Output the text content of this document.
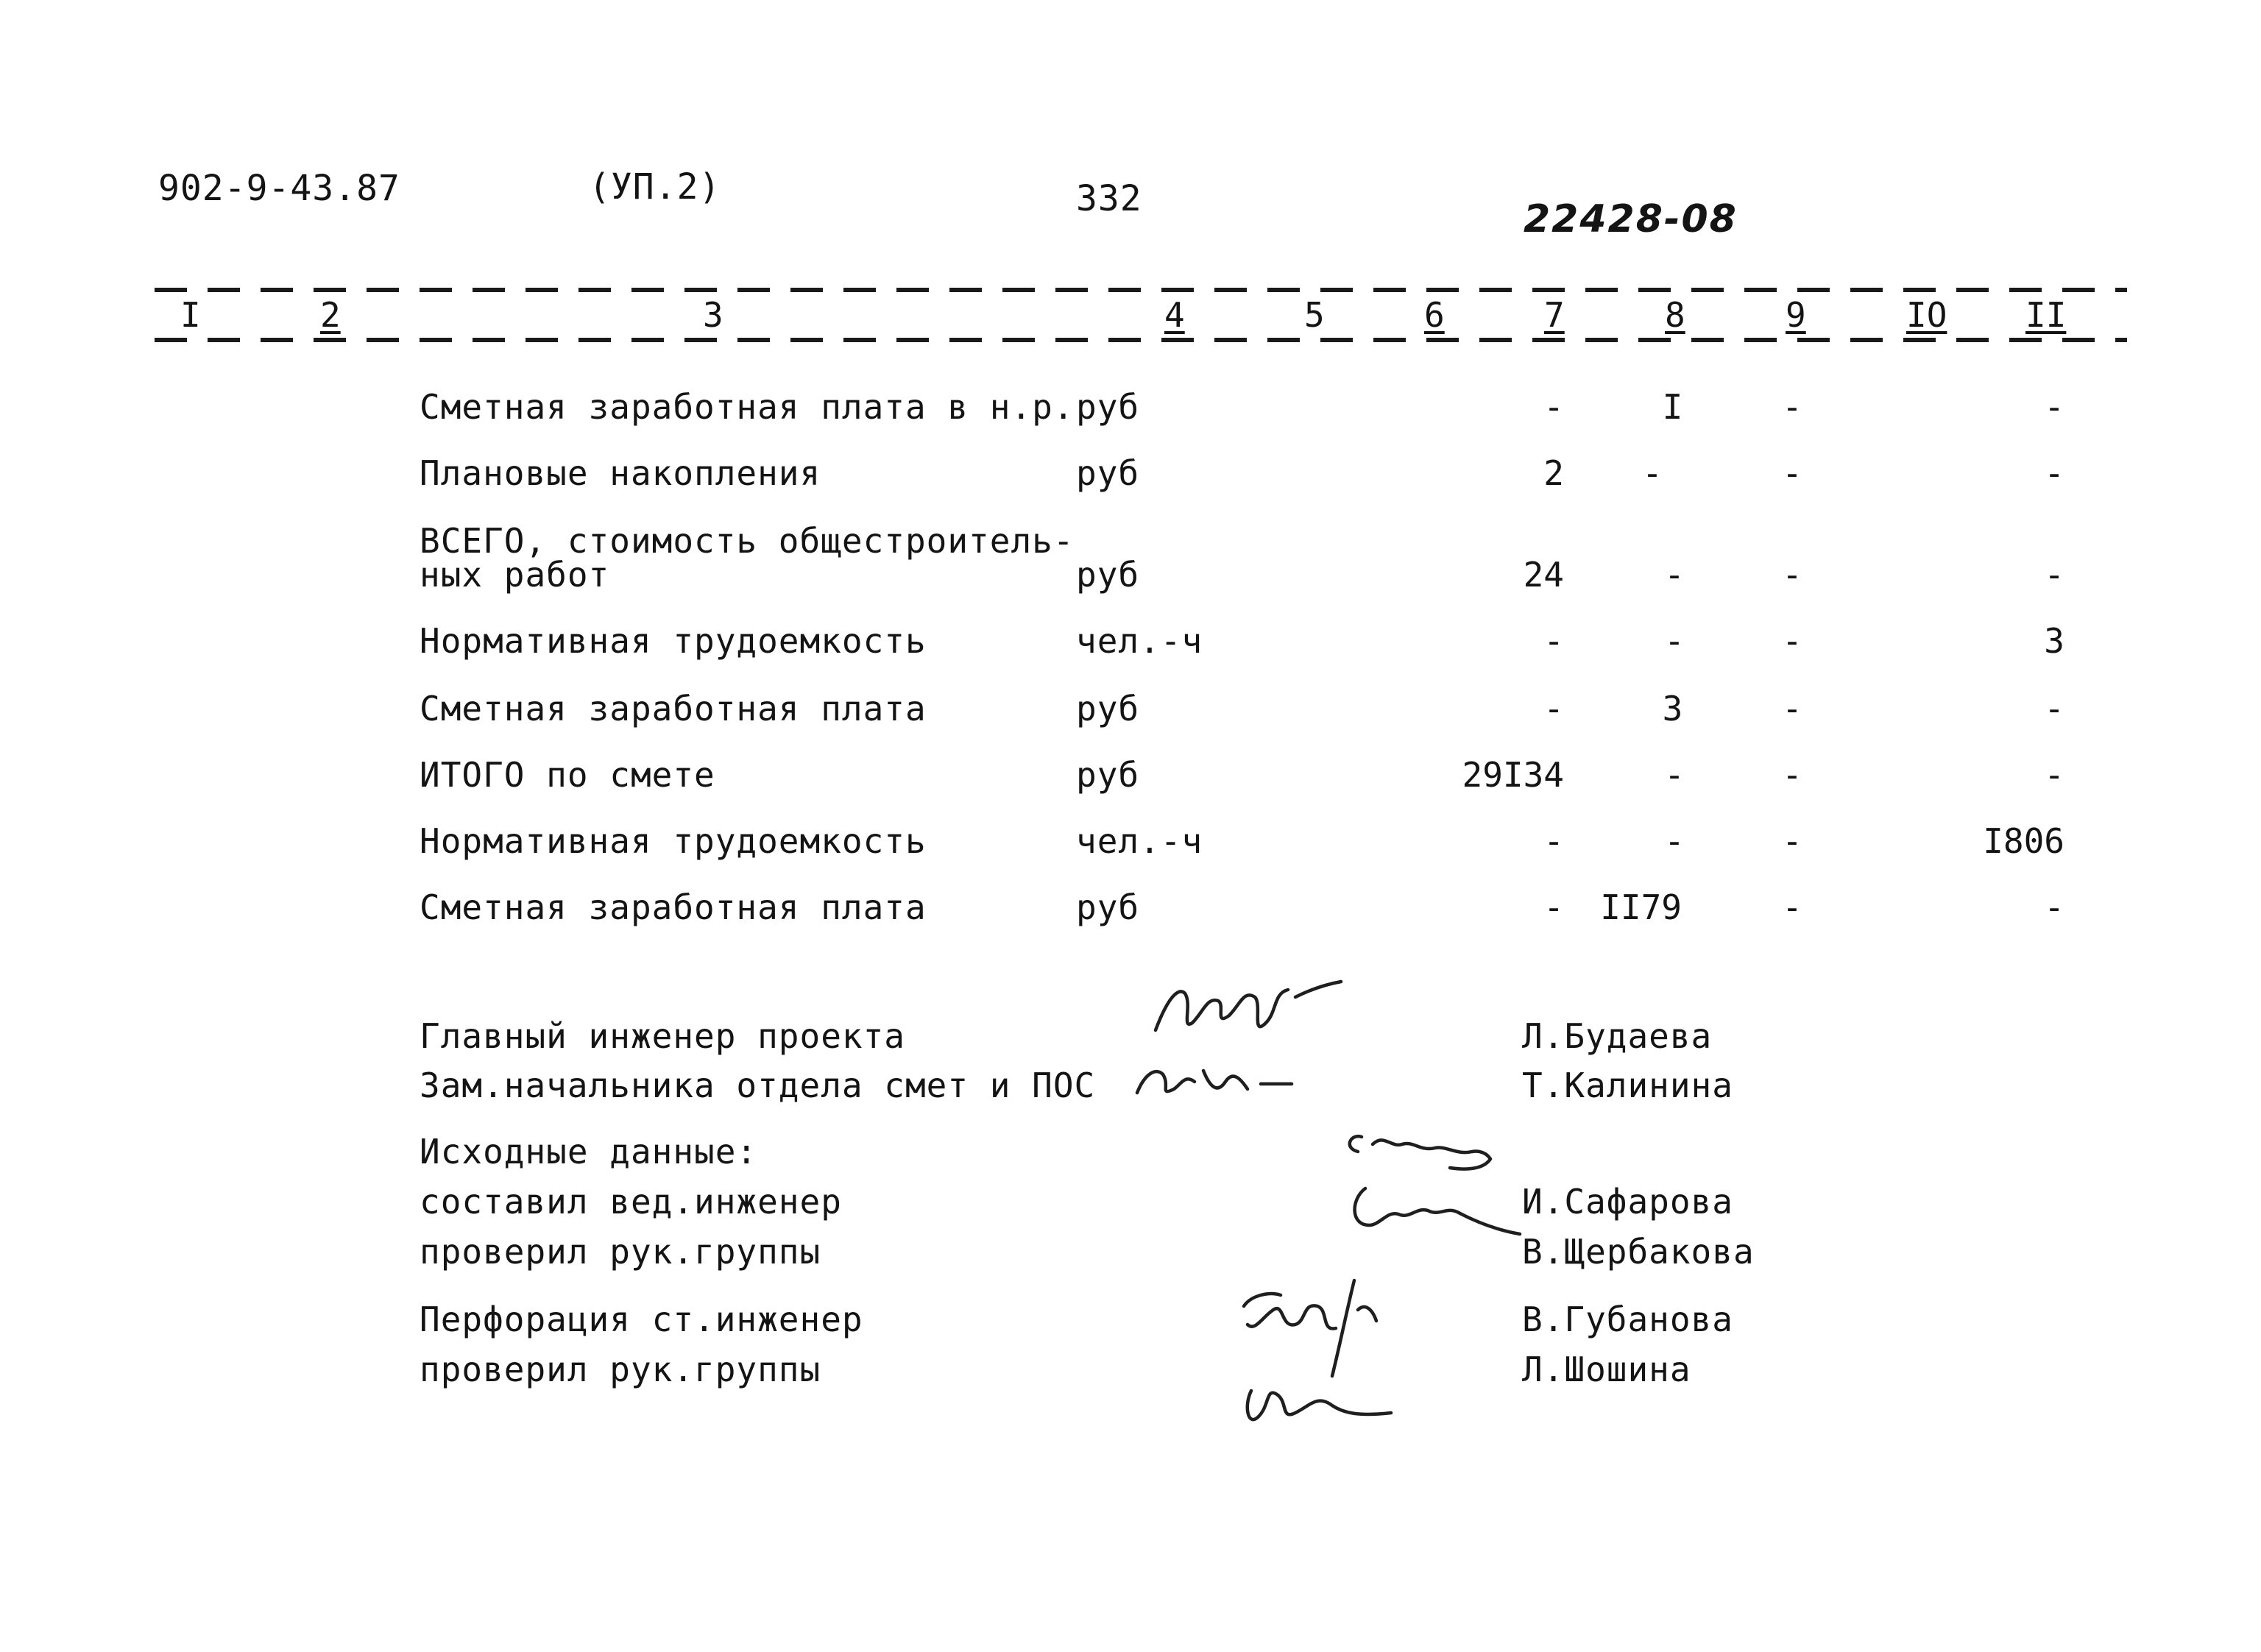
902-9-43.87	(УП.2)	332	22428-08
I	2	3	4	5	6	7	8	9	IO II
Сметная заработная плата в н.р. руб	-	I	-	-
Плановые накопления	руб	2	-	-	-
ВСЕГО, стоимость общестроитель-
ных работ	руб	24	-	-	-
Нормативная трудоемкость	чел.-ч	-	-	-	3
Сметная заработная плата	руб	-	3	-	-
ИТОГО по смете	руб	29I34	-	-	-
Нормативная трудоемкость	чел.-ч	-	-	-	I806
Сметная заработная плата	руб	-	II79	-	-
Главный инженер проекта	Л.Будаева
Зам.начальника отдела смет и ПОС	Т.Калинина
Исходные данные:
составил вед.инженер	И.Сафарова
проверил рук.группы	В.Щербакова
Перфорация ст.инженер	В.Губанова
проверил рук.группы	Л.Шошина
